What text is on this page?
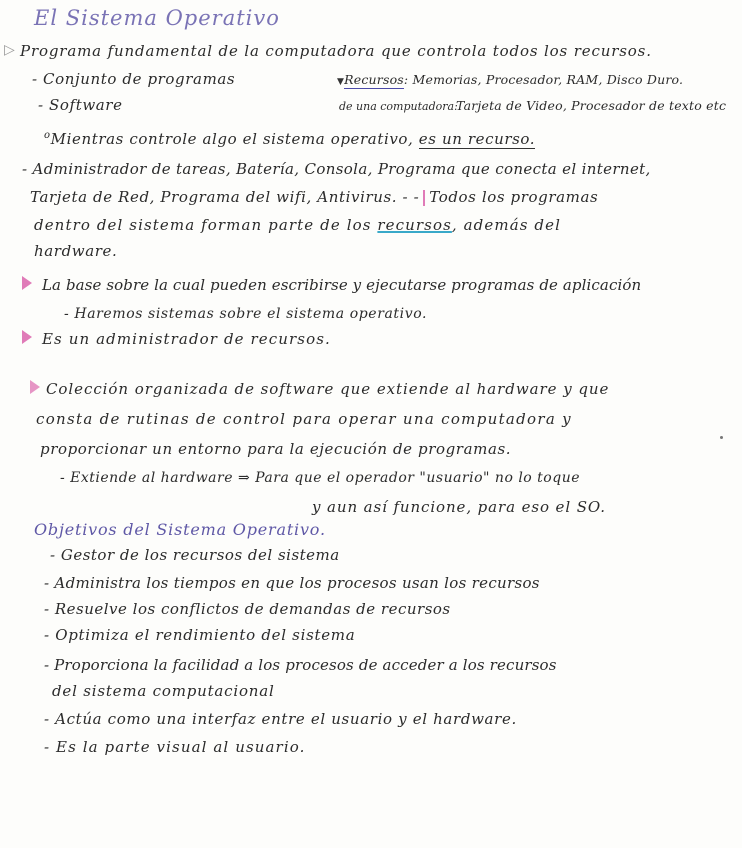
El Sistema Operativo
▷ Programa fundamental de la computadora que controla todos los recursos.
- Conjunto de programas	▼Recursos: Memorias, Procesador, RAM, Disco Duro.
- Software	de una computadora:
Tarjeta de Video, Procesador de texto etc
$^o$Mientras controle algo el sistema operativo, es un recurso.
- Administrador de tareas, Batería, Consola, Programa que conecta el internet,
Tarjeta de Red, Programa del wifi, Antivirus. - - Todos los programas
dentro del sistema forman parte de los recursos, además del
hardware.
La base sobre la cual pueden escribirse y ejecutarse programas de aplicación
- Haremos sistemas sobre el sistema operativo.
Es un administrador de recursos.
Colección organizada de software que extiende al hardware y que
consta de rutinas de control para operar una computadora y
proporcionar un entorno para la ejecución de programas.
- Extiende al hardware ⇒ Para que el operador "usuario" no lo toque
y aun así funcione, para eso el SO.
Objetivos del Sistema Operativo.
- Gestor de los recursos del sistema
- Administra los tiempos en que los procesos usan los recursos
- Resuelve los conflictos de demandas de recursos
- Optimiza el rendimiento del sistema
- Proporciona la facilidad a los procesos de acceder a los recursos
del sistema computacional
- Actúa como una interfaz entre el usuario y el hardware.
- Es la parte visual al usuario.
